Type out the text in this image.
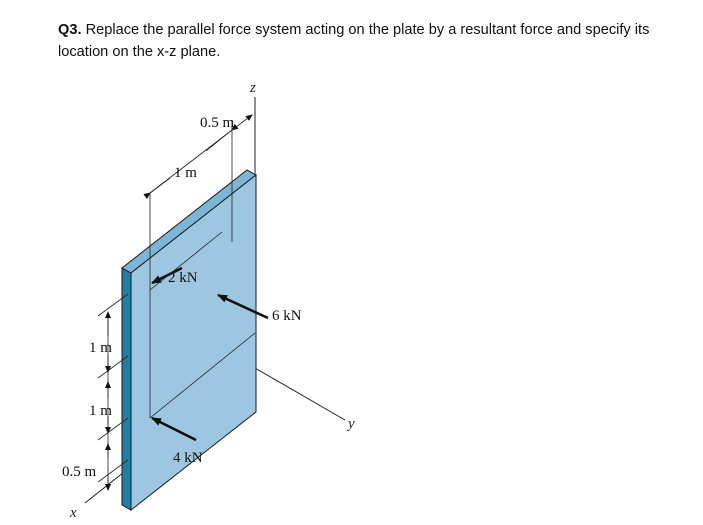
Q3. Replace the parallel force system acting on the plate by a resultant force and specify its location on the x-z plane.
z
y
x
2 kN
6 kN
4 kN
0.5 m
1 m
1 m
1 m
0.5 m
